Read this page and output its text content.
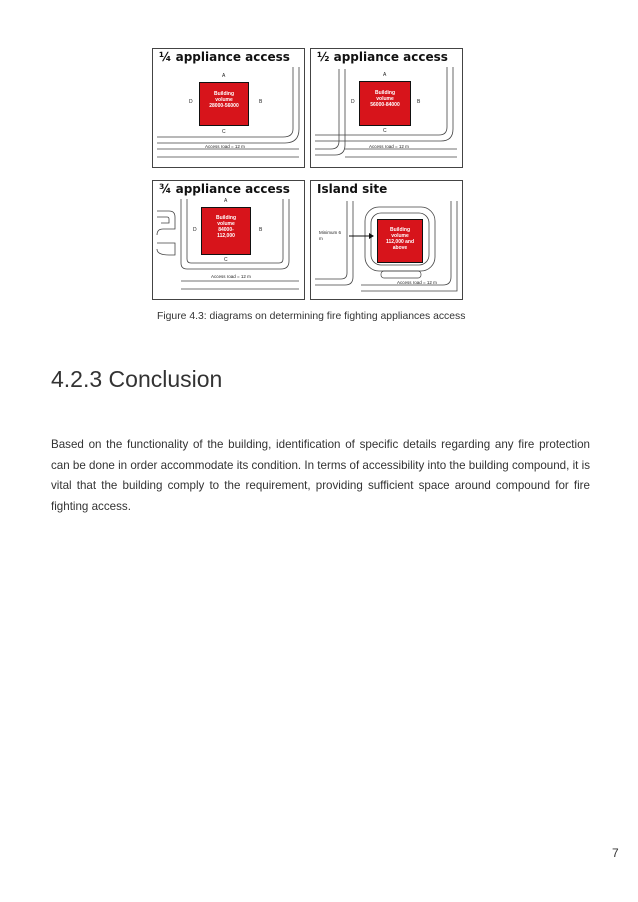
¼ appliance access
Building
volume
28000-56000
A
B
C
D
Access road = 12 m
½ appliance access
Building
volume
56000-84000
A
B
C
D
Access road = 12 m
¾ appliance access
Building
volume
84000-
112,000
A
B
C
D
Access road = 12 m
Island site
Building
volume
112,000 and
above
Minimum 6
m
Access road = 12 m
Figure 4.3: diagrams on determining fire fighting appliances access
4.2.3 Conclusion
Based on the functionality of the building, identification of specific details regarding any fire protection can be done in order accommodate its condition. In terms of accessibility into the building compound, it is vital that the building comply to the requirement, providing sufficient space around compound for fire fighting access.
7
